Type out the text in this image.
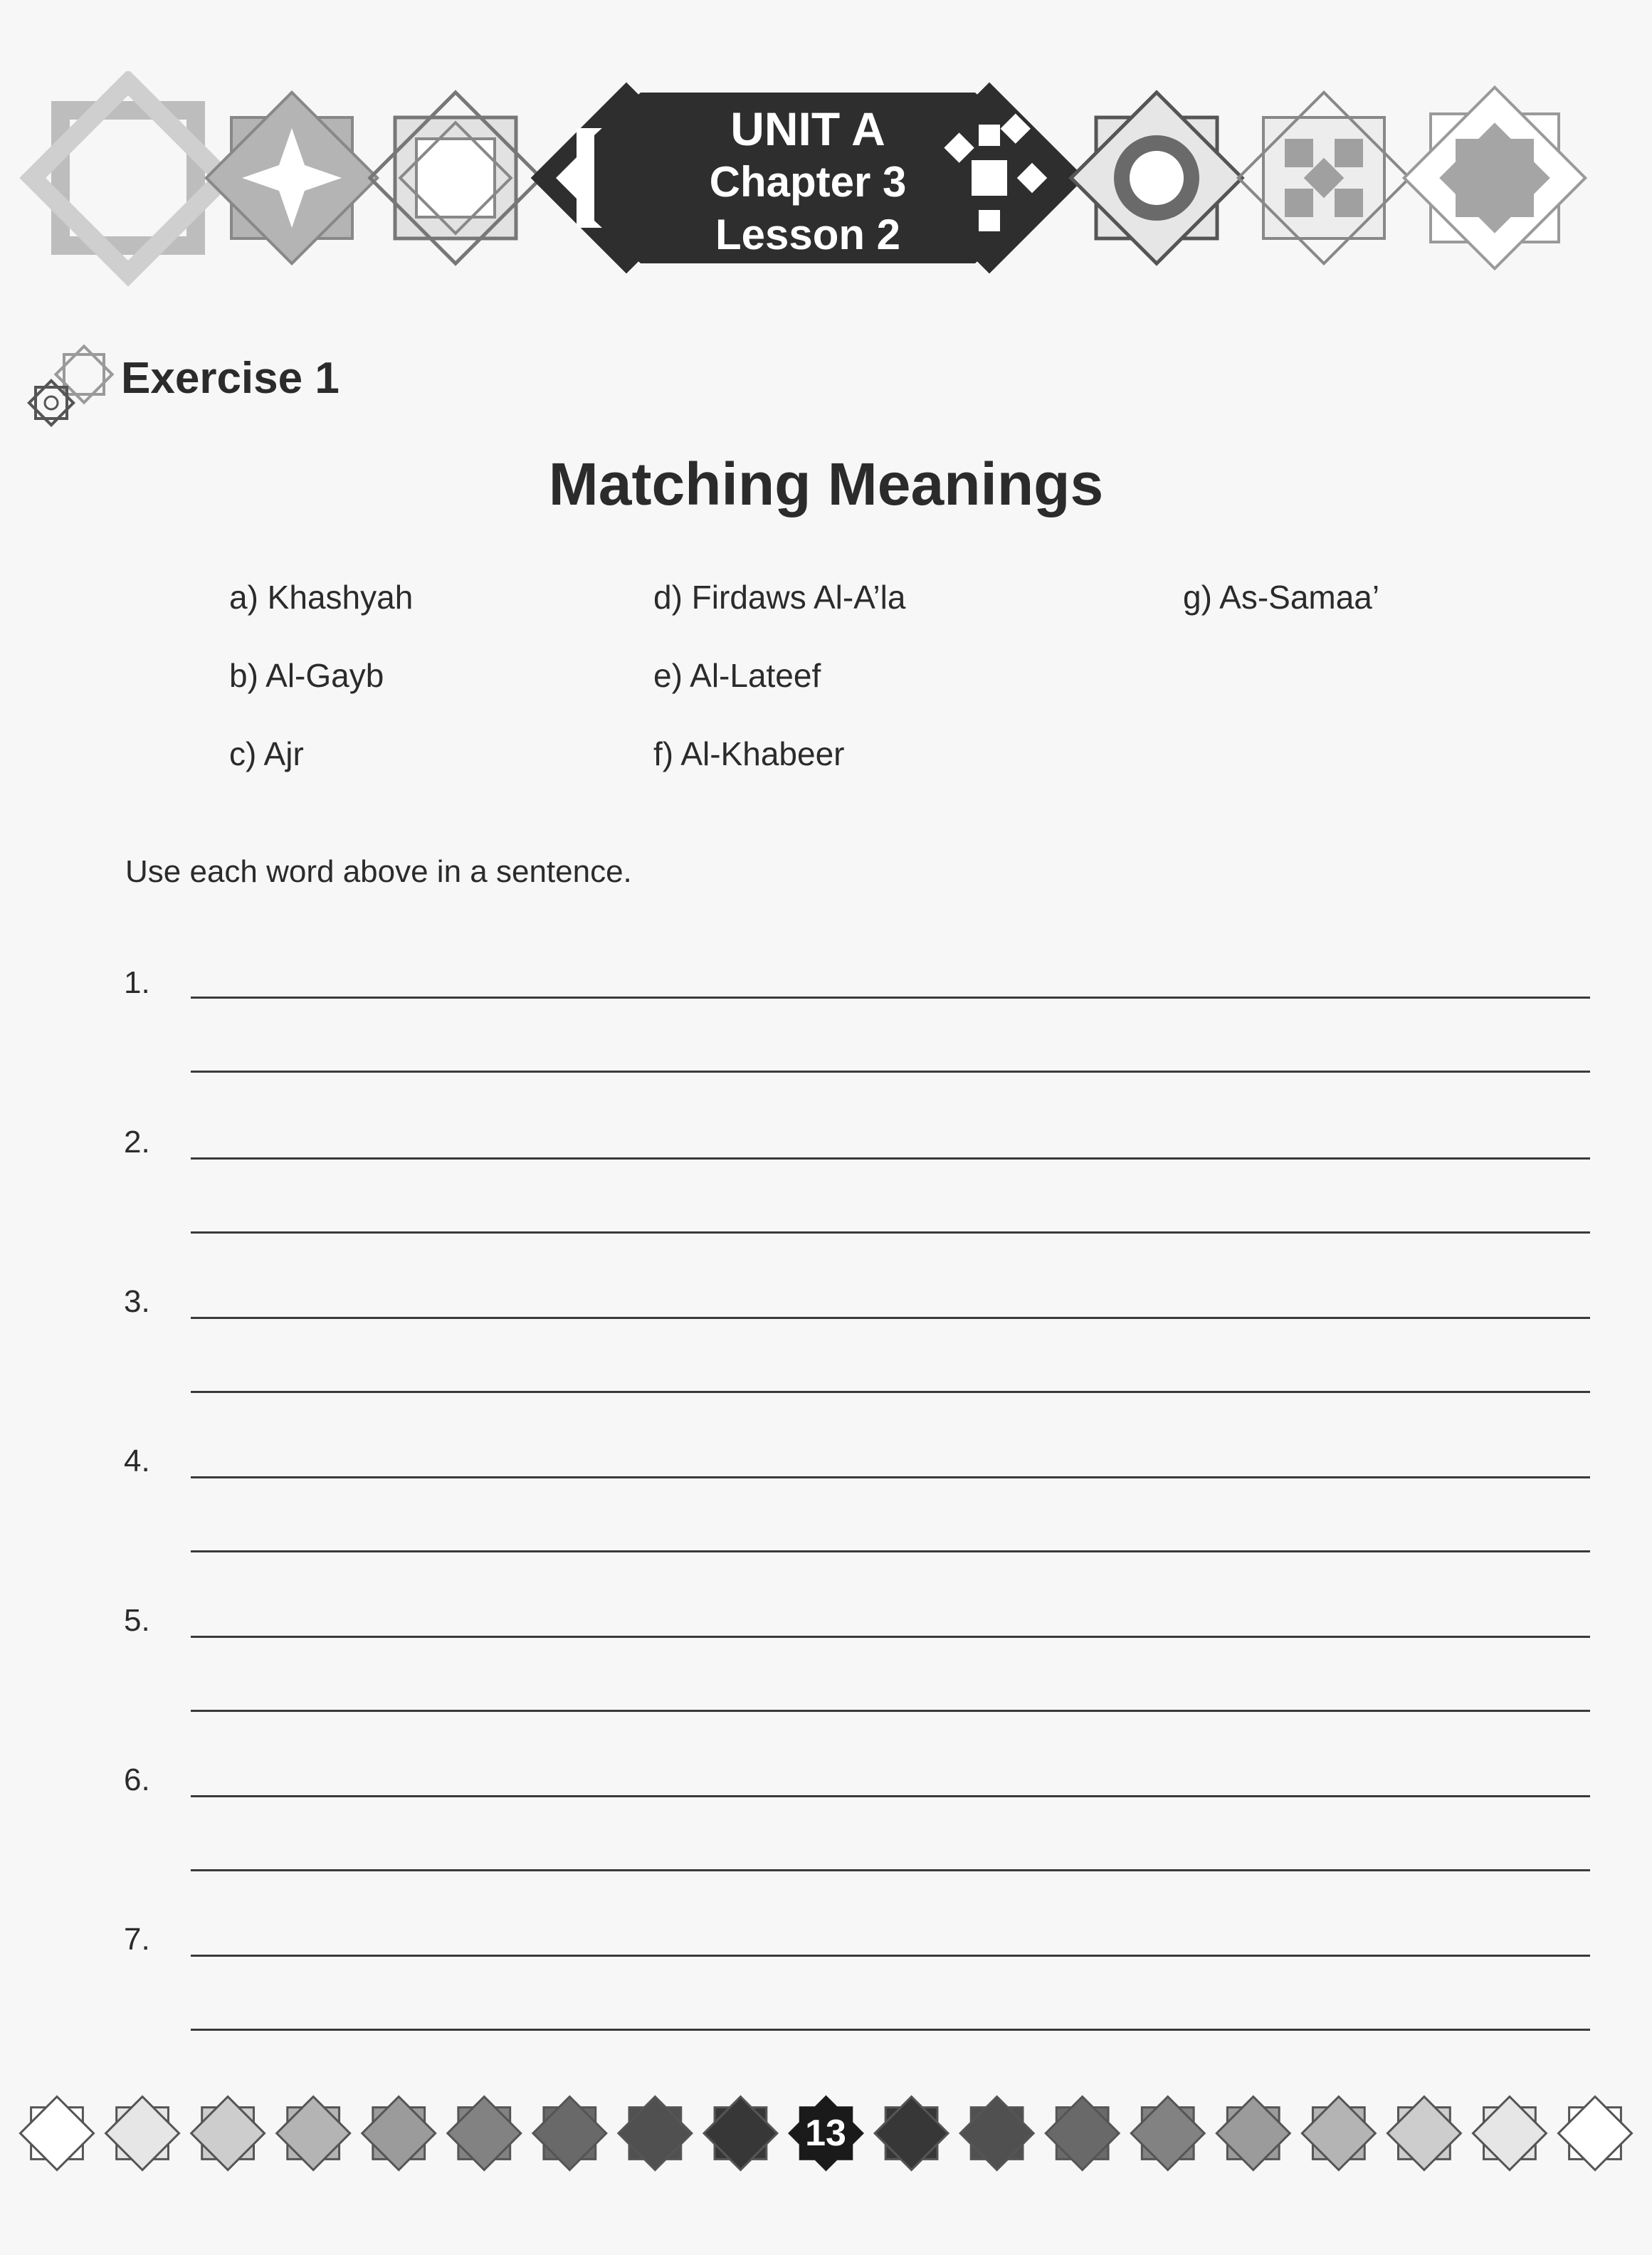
UNIT A
Chapter 3
Lesson 2
Exercise 1
Matching Meanings
a) Khashyah
b) Al-Gayb
c) Ajr
d) Firdaws Al-A’la
e) Al-Lateef
f) Al-Khabeer
g) As-Samaa’
Use each word above in a sentence.
1.
2.
3.
4.
5.
6.
7.
13
